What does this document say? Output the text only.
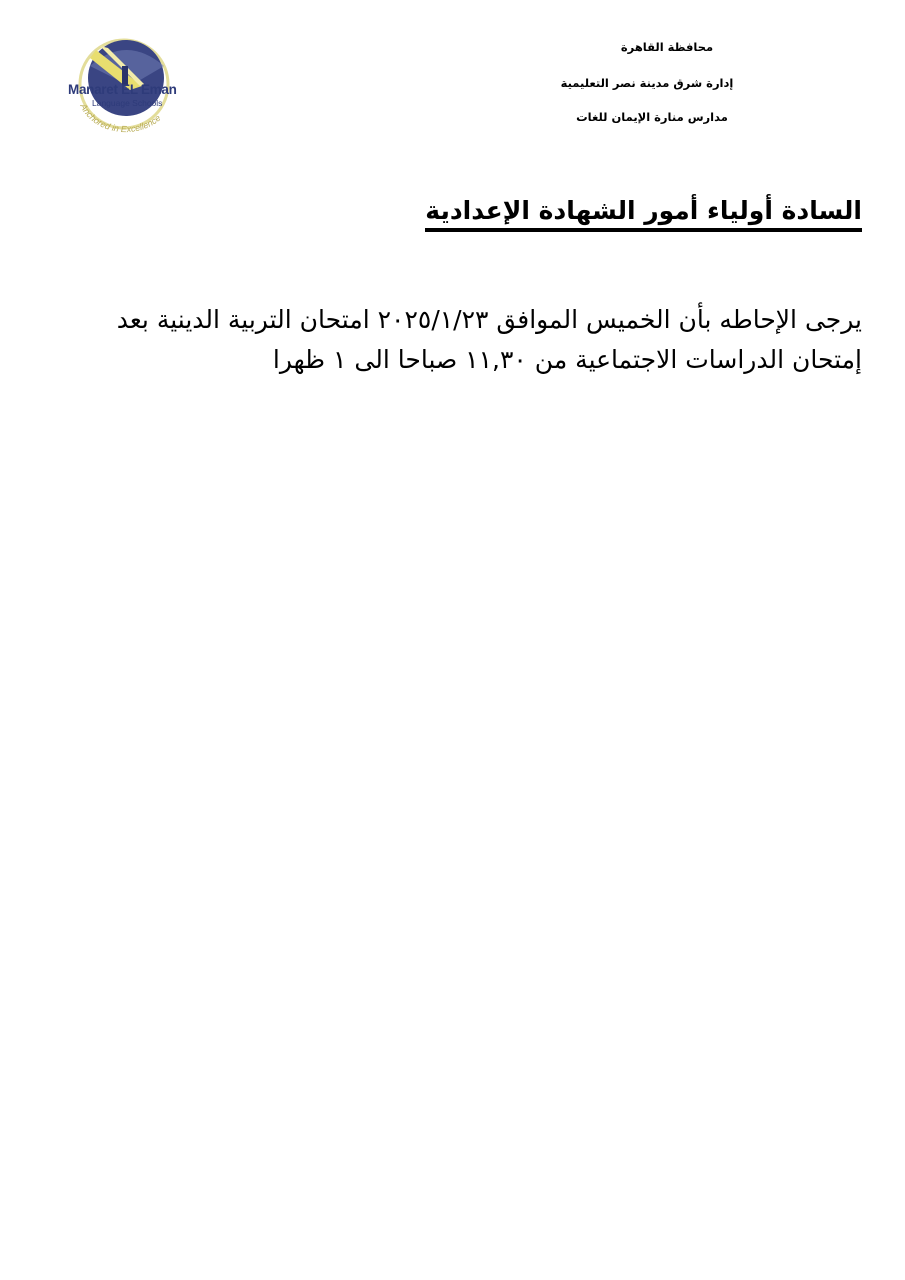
Anchored in Excellence
Manaret EL Eman
Language Schools
محافظة القاهرة
إدارة شرق مدينة نصر التعليمية
مدارس منارة الإيمان للغات
السادة أولياء أمور الشهادة الإعدادية
يرجى الإحاطه بأن الخميس الموافق ٢٠٢٥/١/٢٣ امتحان التربية الدينية بعد
إمتحان الدراسات الاجتماعية من ١١,٣٠ صباحا الى ١ ظهرا
